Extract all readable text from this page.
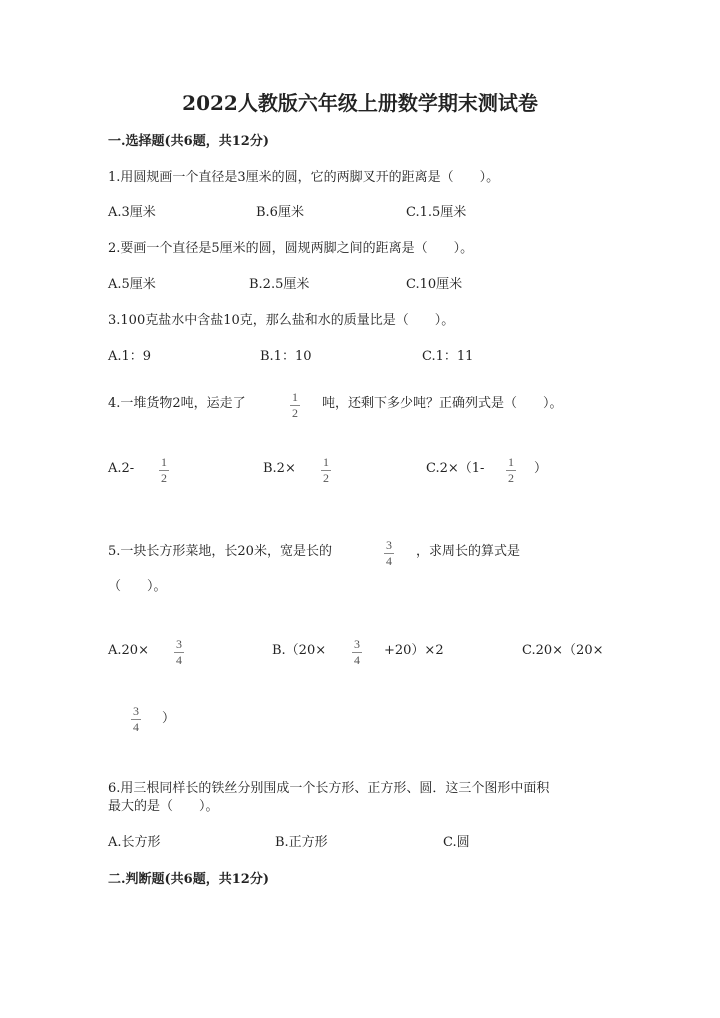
2022人教版六年级上册数学期末测试卷
一.选择题(共6题，共12分)
1.用圆规画一个直径是3厘米的圆，它的两脚叉开的距离是（　　）。
A.3厘米	B.6厘米	C.1.5厘米
2.要画一个直径是5厘米的圆，圆规两脚之间的距离是（　　）。
A.5厘米	B.2.5厘米	C.10厘米
3.100克盐水中含盐10克，那么盐和水的质量比是（　　）。
A.1：9	B.1：10	C.1：11
4.一堆货物2吨，运走了	1
2
吨，还剩下多少吨？正确列式是（　　）。
A.2- 1
2
B.2× 1
2
C.2×（1- 1
2
）
5.一块长方形菜地，长20米，宽是长的	3
4
，求周长的算式是
（　　）。
A.20× 3
4
B.（20× 3
4
+20）×2	C.20×（20×
3
4
）
6.用三根同样长的铁丝分别围成一个长方形、正方形、圆．这三个图形中面积
最大的是（　　）。
A.长方形	B.正方形	C.圆
二.判断题(共6题，共12分)
